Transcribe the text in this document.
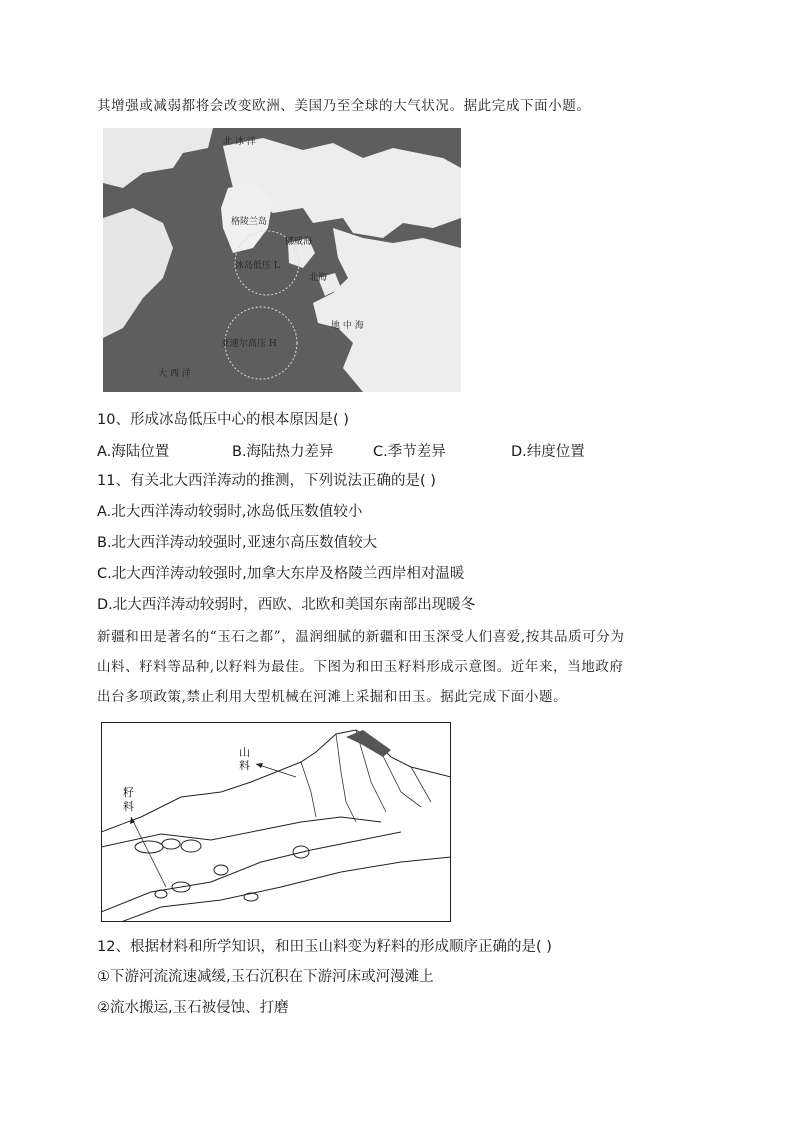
其增强或减弱都将会改变欧洲、美国乃至全球的大气状况。据此完成下面小题。
北 冰 洋
格陵兰岛
挪威海
冰岛低压 L
北海
地 中 海
亚速尔高压 H
大 西 洋
10、形成冰岛低压中心的根本原因是( )
A.海陆位置	B.海陆热力差异	C.季节差异	D.纬度位置
11、有关北大西洋涛动的推测，下列说法正确的是( )
A.北大西洋涛动较弱时,冰岛低压数值较小
B.北大西洋涛动较强时,亚速尔高压数值较大
C.北大西洋涛动较强时,加拿大东岸及格陵兰西岸相对温暖
D.北大西洋涛动较弱时，西欧、北欧和美国东南部出现暖冬
新疆和田是著名的“玉石之都”，温润细腻的新疆和田玉深受人们喜爱,按其品质可分为
山料、籽料等品种,以籽料为最佳。下图为和田玉籽料形成示意图。近年来，当地政府
出台多项政策,禁止利用大型机械在河滩上采掘和田玉。据此完成下面小题。
山
料
籽
料
12、根据材料和所学知识，和田玉山料变为籽料的形成顺序正确的是( )
①下游河流流速减缓,玉石沉积在下游河床或河漫滩上
②流水搬运,玉石被侵蚀、打磨
